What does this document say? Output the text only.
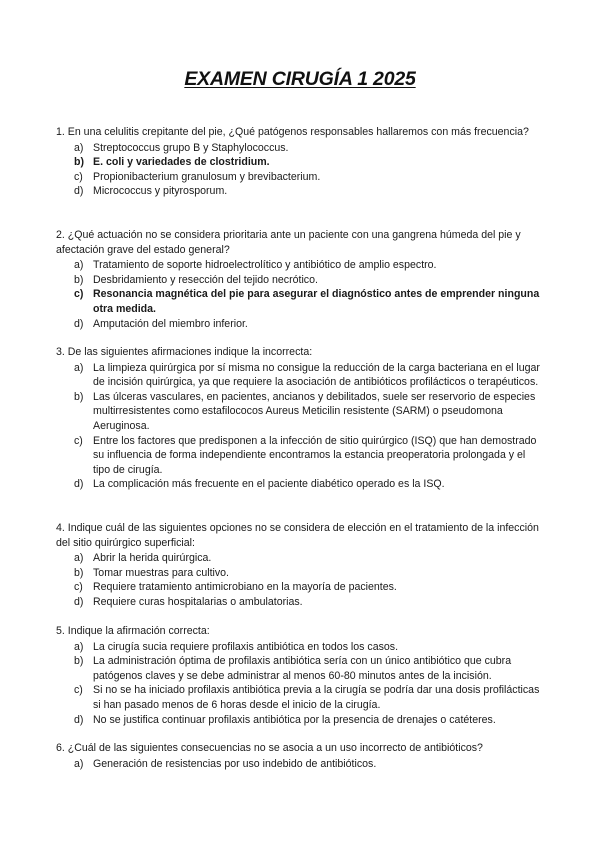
EXAMEN CIRUGÍA 1 2025

1. En una celulitis crepitante del pie, ¿Qué patógenos responsables hallaremos con más frecuencia?

a) Streptococcus grupo B y Staphylococcus.
b) E. coli y variedades de clostridium.
c) Propionibacterium granulosum y brevibacterium.
d) Micrococcus y pityrosporum.

2. ¿Qué actuación no se considera prioritaria ante un paciente con una gangrena húmeda del pie y afectación grave del estado general?

a) Tratamiento de soporte hidroelectrolítico y antibiótico de amplio espectro.
b) Desbridamiento y resección del tejido necrótico.
c) Resonancia magnética del pie para asegurar el diagnóstico antes de emprender ninguna otra medida.
d) Amputación del miembro inferior.

3. De las siguientes afirmaciones indique la incorrecta:

a) La limpieza quirúrgica por sí misma no consigue la reducción de la carga bacteriana en el lugar de incisión quirúrgica, ya que requiere la asociación de antibióticos profilácticos o terapéuticos.
b) Las úlceras vasculares, en pacientes, ancianos y debilitados, suele ser reservorio de especies multirresistentes como estafilococos Aureus Meticilin resistente (SARM) o pseudomona Aeruginosa.
c) Entre los factores que predisponen a la infección de sitio quirúrgico (ISQ) que han demostrado su influencia de forma independiente encontramos la estancia preoperatoria prolongada y el tipo de cirugía.
d) La complicación más frecuente en el paciente diabético operado es la ISQ.

4. Indique cuál de las siguientes opciones no se considera de elección en el tratamiento de la infección del sitio quirúrgico superficial:

a) Abrir la herida quirúrgica.
b) Tomar muestras para cultivo.
c) Requiere tratamiento antimicrobiano en la mayoría de pacientes.
d) Requiere curas hospitalarias o ambulatorias.

5. Indique la afirmación correcta:

a) La cirugía sucia requiere profilaxis antibiótica en todos los casos.
b) La administración óptima de profilaxis antibiótica sería con un único antibiótico que cubra patógenos claves y se debe administrar al menos 60-80 minutos antes de la incisión.
c) Si no se ha iniciado profilaxis antibiótica previa a la cirugía se podría dar una dosis profilácticas si han pasado menos de 6 horas desde el inicio de la cirugía.
d) No se justifica continuar profilaxis antibiótica por la presencia de drenajes o catéteres.

6. ¿Cuál de las siguientes consecuencias no se asocia a un uso incorrecto de antibióticos?

a) Generación de resistencias por uso indebido de antibióticos.
